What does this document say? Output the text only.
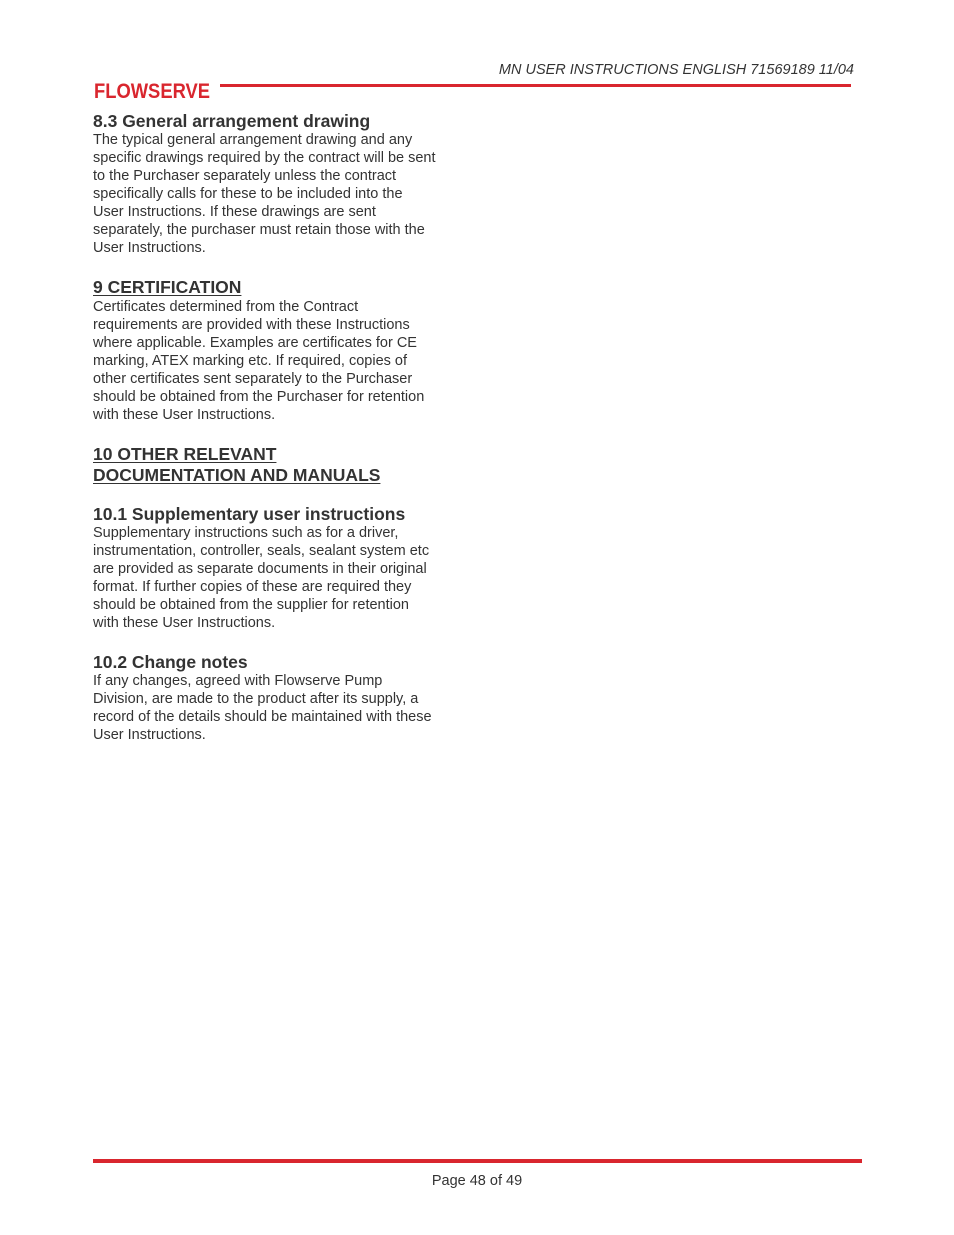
MN USER INSTRUCTIONS ENGLISH 71569189 11/04
FLOWSERVE
8.3 General arrangement drawing

The typical general arrangement drawing and any

specific drawings required by the contract will be sent

to the Purchaser separately unless the contract

specifically calls for these to be included into the

User Instructions. If these drawings are sent

separately, the purchaser must retain those with the

User Instructions.

9 CERTIFICATION

Certificates determined from the Contract

requirements are provided with these Instructions

where applicable. Examples are certificates for CE

marking, ATEX marking etc. If required, copies of

other certificates sent separately to the Purchaser

should be obtained from the Purchaser for retention

with these User Instructions.

10 OTHER RELEVANT
DOCUMENTATION AND MANUALS
10.1 Supplementary user instructions

Supplementary instructions such as for a driver,

instrumentation, controller, seals, sealant system etc

are provided as separate documents in their original

format. If further copies of these are required they

should be obtained from the supplier for retention

with these User Instructions.

10.2 Change notes

If any changes, agreed with Flowserve Pump

Division, are made to the product after its supply, a

record of the details should be maintained with these

User Instructions.

Page 48 of 49
